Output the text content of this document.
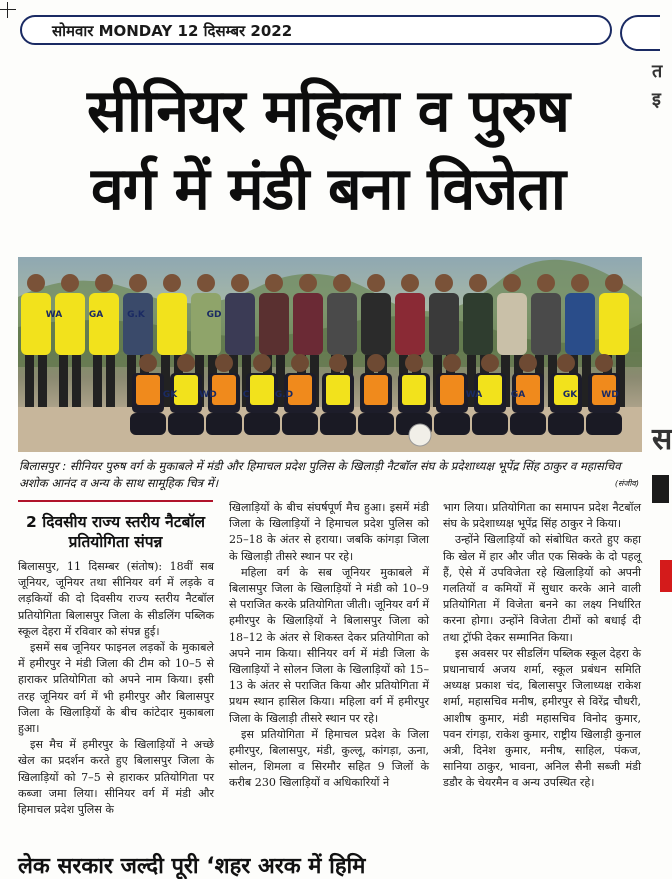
सोमवार MONDAY 12 दिसम्बर 2022
सीनियर महिला व पुरुष
वर्ग में मंडी बना विजेता
WA	GA	G.K	GD
GK WD	C	G.D	WA	GA	GK	WD
बिलासपुर : सीनियर पुरुष वर्ग के मुकाबले में मंडी और हिमाचल प्रदेश पुलिस के खिलाड़ी नैटबॉल संघ के प्रदेशाध्यक्ष भूपेंद्र सिंह ठाकुर व महासचिव अशोक आनंद व अन्य के साथ सामूहिक चित्र में।	(संजीव)
2 दिवसीय राज्य स्तरीय नैटबॉल प्रतियोगिता संपन्न

बिलासपुर, 11 दिसम्बर (संतोष): 18वीं सब जूनियर, जूनियर तथा सीनियर वर्ग में लड़के व लड़कियों की दो दिवसीय राज्य स्तरीय नैटबॉल प्रतियोगिता बिलासपुर जिला के सीडलिंग पब्लिक स्कूल देहरा में रविवार को संपन्न हुई।

इसमें सब जूनियर फाइनल लड़कों के मुकाबले में हमीरपुर ने मंडी जिला की टीम को 10–5 से हाराकर प्रतियोगिता को अपने नाम किया। इसी तरह जूनियर वर्ग में भी हमीरपुर और बिलासपुर जिला के खिलाड़ियों के बीच कांटेदार मुकाबला हुआ।

इस मैच में हमीरपुर के खिलाड़ियों ने अच्छे खेल का प्रदर्शन करते हुए बिलासपुर जिला के खिलाड़ियों को 7–5 से हाराकर प्रतियोगिता पर कब्जा जमा लिया। सीनियर वर्ग में मंडी और हिमाचल प्रदेश पुलिस के

खिलाड़ियों के बीच संघर्षपूर्ण मैच हुआ। इसमें मंडी जिला के खिलाड़ियों ने हिमाचल प्रदेश पुलिस को 25–18 के अंतर से हराया। जबकि कांगड़ा जिला के खिलाड़ी तीसरे स्थान पर रहे।

महिला वर्ग के सब जूनियर मुकाबले में बिलासपुर जिला के खिलाड़ियों ने मंडी को 10–9 से पराजित करके प्रतियोगिता जीती। जूनियर वर्ग में हमीरपुर के खिलाड़ियों ने बिलासपुर जिला को 18–12 के अंतर से शिकस्त देकर प्रतियोगिता को अपने नाम किया। सीनियर वर्ग में मंडी जिला के खिलाड़ियों ने सोलन जिला के खिलाड़ियों को 15–13 के अंतर से पराजित किया और प्रतियोगिता में प्रथम स्थान हासिल किया। महिला वर्ग में हमीरपुर जिला के खिलाड़ी तीसरे स्थान पर रहे।

इस प्रतियोगिता में हिमाचल प्रदेश के जिला हमीरपुर, बिलासपुर, मंडी, कुल्लू, कांगड़ा, ऊना, सोलन, शिमला व सिरमौर सहित 9 जिलों के करीब 230 खिलाड़ियों व अधिकारियों ने

भाग लिया। प्रतियोगिता का समापन प्रदेश नैटबॉल संघ के प्रदेशाध्यक्ष भूपेंद्र सिंह ठाकुर ने किया।

उन्होंने खिलाड़ियों को संबोधित करते हुए कहा कि खेल में हार और जीत एक सिक्के के दो पहलू हैं, ऐसे में उपविजेता रहे खिलाड़ियों को अपनी गलतियों व कमियों में सुधार करके आने वाली प्रतियोगिता में विजेता बनने का लक्ष्य निर्धारित करना होगा। उन्होंने विजेता टीमों को बधाई दी तथा ट्रॉफी देकर सम्मानित किया।

इस अवसर पर सीडलिंग पब्लिक स्कूल देहरा के प्रधानाचार्य अजय शर्मा, स्कूल प्रबंधन समिति अध्यक्ष प्रकाश चंद, बिलासपुर जिलाध्यक्ष राकेश शर्मा, महासचिव मनीष, हमीरपुर से विरेंद्र चौधरी, आशीष कुमार, मंडी महासचिव विनोद कुमार, पवन रांगड़ा, राकेश कुमार, राष्ट्रीय खिलाड़ी कुनाल अत्री, दिनेश कुमार, मनीष, साहिल, पंकज, सानिया ठाकुर, भावना, अनिल सैनी सब्जी मंडी डडौर के चेयरमैन व अन्य उपस्थित रहे।

त
इ
स
लेक सरकार जल्दी पूरी ‘शहर अरक में हिमि
